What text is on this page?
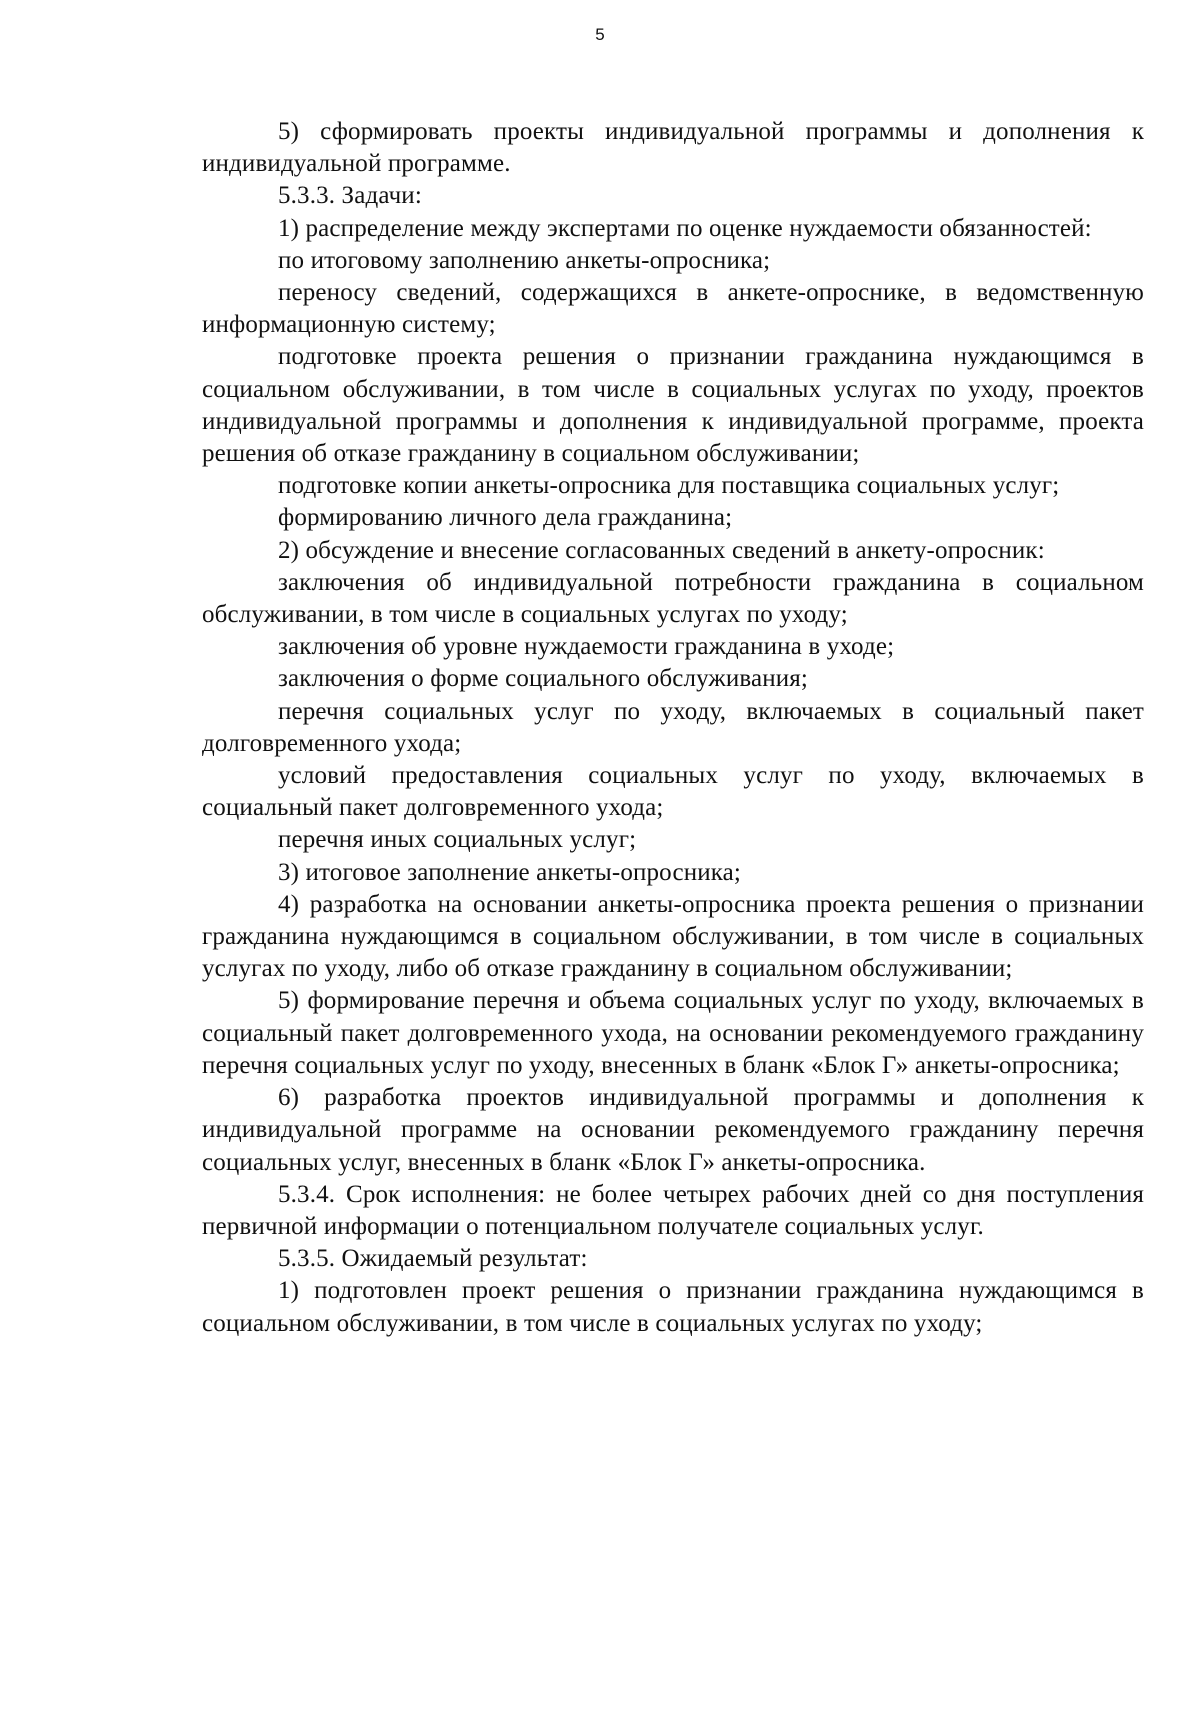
5

5) сформировать проекты индивидуальной программы и дополнения к индивидуальной программе.

5.3.3. Задачи:

1) распределение между экспертами по оценке нуждаемости обязанностей:

по итоговому заполнению анкеты-опросника;

переносу сведений, содержащихся в анкете-опроснике, в ведомственную информационную систему;

подготовке проекта решения о признании гражданина нуждающимся в социальном обслуживании, в том числе в социальных услугах по уходу, проектов индивидуальной программы и дополнения к индивидуальной программе, проекта решения об отказе гражданину в социальном обслуживании;

подготовке копии анкеты-опросника для поставщика социальных услуг;

формированию личного дела гражданина;

2) обсуждение и внесение согласованных сведений в анкету-опросник:

заключения об индивидуальной потребности гражданина в социальном обслуживании, в том числе в социальных услугах по уходу;

заключения об уровне нуждаемости гражданина в уходе;

заключения о форме социального обслуживания;

перечня социальных услуг по уходу, включаемых в социальный пакет долговременного ухода;

условий предоставления социальных услуг по уходу, включаемых в социальный пакет долговременного ухода;

перечня иных социальных услуг;

3) итоговое заполнение анкеты-опросника;

4) разработка на основании анкеты-опросника проекта решения о признании гражданина нуждающимся в социальном обслуживании, в том числе в социальных услугах по уходу, либо об отказе гражданину в социальном обслуживании;

5) формирование перечня и объема социальных услуг по уходу, включаемых в социальный пакет долговременного ухода, на основании рекомендуемого гражданину перечня социальных услуг по уходу, внесенных в бланк «Блок Г» анкеты-опросника;

6) разработка проектов индивидуальной программы и дополнения к индивидуальной программе на основании рекомендуемого гражданину перечня социальных услуг, внесенных в бланк «Блок Г» анкеты-опросника.

5.3.4. Срок исполнения: не более четырех рабочих дней со дня поступления первичной информации о потенциальном получателе социальных услуг.

5.3.5. Ожидаемый результат:

1) подготовлен проект решения о признании гражданина нуждающимся в социальном обслуживании, в том числе в социальных услугах по уходу;
